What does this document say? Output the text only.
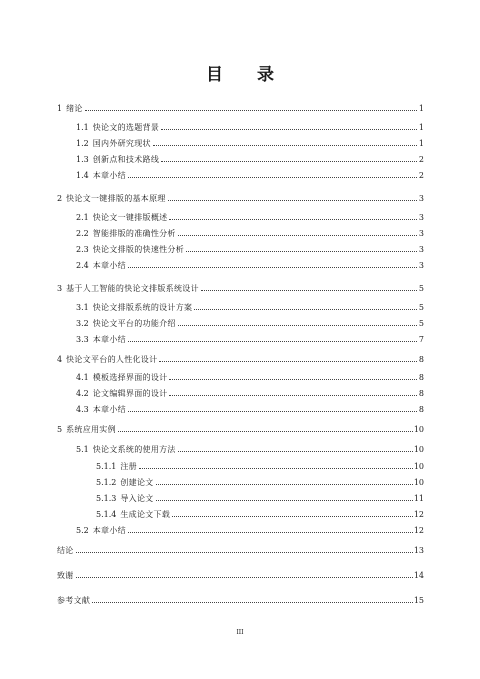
目 录
1 绪论	1
1.1 快论文的选题背景	1
1.2 国内外研究现状	1
1.3 创新点和技术路线	2
1.4 本章小结	2
2 快论文一键排版的基本原理	3
2.1 快论文一键排版概述	3
2.2 智能排版的准确性分析	3
2.3 快论文排版的快速性分析	3
2.4 本章小结	3
3 基于人工智能的快论文排版系统设计	5
3.1 快论文排版系统的设计方案	5
3.2 快论文平台的功能介绍	5
3.3 本章小结	7
4 快论文平台的人性化设计	8
4.1 模板选择界面的设计	8
4.2 论文编辑界面的设计	8
4.3 本章小结	8
5 系统应用实例	10
5.1 快论文系统的使用方法	10
5.1.1 注册	10
5.1.2 创建论文	10
5.1.3 导入论文	11
5.1.4 生成论文下载	12
5.2 本章小结	12
结论	13
致谢	14
参考文献	15
III
